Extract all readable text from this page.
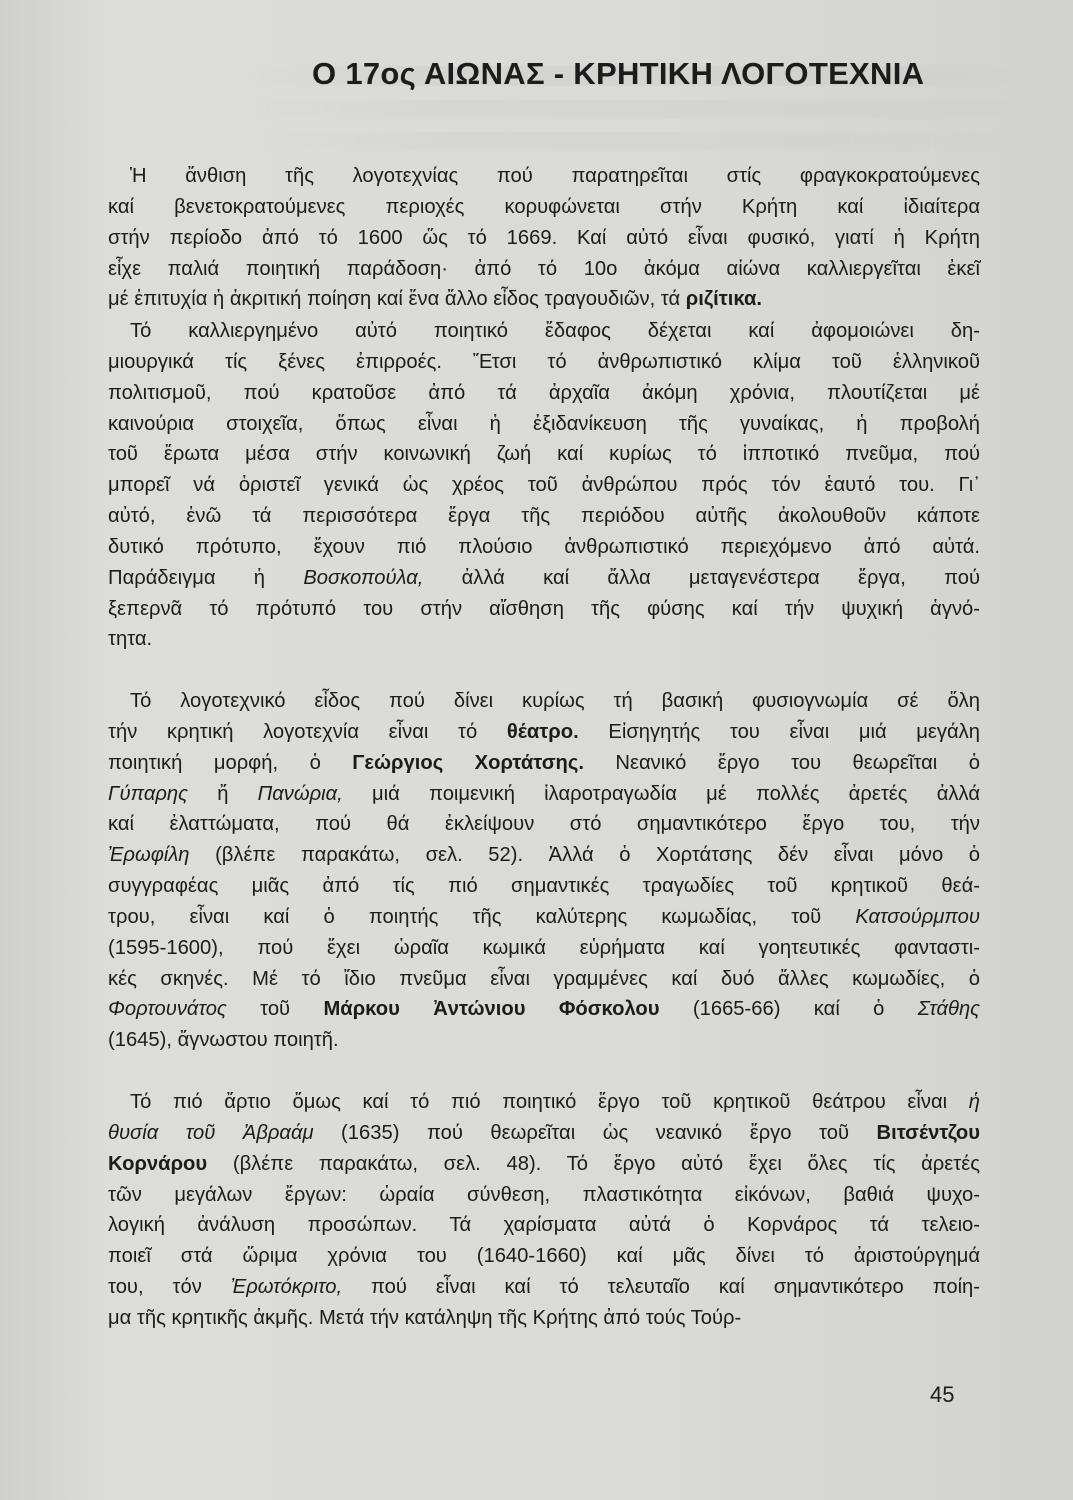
Ο 17ος ΑΙΩΝΑΣ - ΚΡΗΤΙΚΗ ΛΟΓΟΤΕΧΝΙΑ
Ἡ ἄνθιση τῆς λογοτεχνίας πού παρατηρεῖται στίς φραγκοκρατούμενες
καί βενετοκρατούμενες περιοχές κορυφώνεται στήν Κρήτη καί ἰδιαίτερα
στήν περίοδο ἀπό τό 1600 ὥς τό 1669. Καί αὐτό εἶναι φυσικό, γιατί ἡ Κρήτη
εἶχε παλιά ποιητική παράδοση· ἀπό τό 10ο ἀκόμα αἰώνα καλλιεργεῖται ἐκεῖ
μέ ἐπιτυχία ἡ ἀκριτική ποίηση καί ἕνα ἄλλο εἶδος τραγουδιῶν, τά ριζίτικα.
Τό καλλιεργημένο αὐτό ποιητικό ἔδαφος δέχεται καί ἀφομοιώνει δη-
μιουργικά τίς ξένες ἐπιρροές. Ἔτσι τό ἀνθρωπιστικό κλίμα τοῦ ἑλληνικοῦ
πολιτισμοῦ, πού κρατοῦσε ἀπό τά ἀρχαῖα ἀκόμη χρόνια, πλουτίζεται μέ
καινούρια στοιχεῖα, ὅπως εἶναι ἡ ἐξιδανίκευση τῆς γυναίκας, ἡ προβολή
τοῦ ἔρωτα μέσα στήν κοινωνική ζωή καί κυρίως τό ἱπποτικό πνεῦμα, πού
μπορεῖ νά ὁριστεῖ γενικά ὡς χρέος τοῦ ἀνθρώπου πρός τόν ἑαυτό του. Γι᾽
αὐτό, ἐνῶ τά περισσότερα ἔργα τῆς περιόδου αὐτῆς ἀκολουθοῦν κάποτε
δυτικό πρότυπο, ἔχουν πιό πλούσιο ἀνθρωπιστικό περιεχόμενο ἀπό αὐτά.
Παράδειγμα ἡ Βοσκοπούλα, ἀλλά καί ἄλλα μεταγενέστερα ἔργα, πού
ξεπερνᾶ τό πρότυπό του στήν αἴσθηση τῆς φύσης καί τήν ψυχική ἁγνό-
τητα.
Τό λογοτεχνικό εἶδος πού δίνει κυρίως τή βασική φυσιογνωμία σέ ὅλη
τήν κρητική λογοτεχνία εἶναι τό θέατρο. Εἰσηγητής του εἶναι μιά μεγάλη
ποιητική μορφή, ὁ Γεώργιος Χορτάτσης. Νεανικό ἔργο του θεωρεῖται ὁ
Γύπαρης ἤ Πανώρια, μιά ποιμενική ἱλαροτραγωδία μέ πολλές ἀρετές ἀλλά
καί ἐλαττώματα, πού θά ἐκλείψουν στό σημαντικότερο ἔργο του, τήν
Ἐρωφίλη (βλέπε παρακάτω, σελ. 52). Ἀλλά ὁ Χορτάτσης δέν εἶναι μόνο ὁ
συγγραφέας μιᾶς ἀπό τίς πιό σημαντικές τραγωδίες τοῦ κρητικοῦ θεά-
τρου, εἶναι καί ὁ ποιητής τῆς καλύτερης κωμωδίας, τοῦ Κατσούρμπου
(1595-1600), πού ἔχει ὡραῖα κωμικά εὑρήματα καί γοητευτικές φανταστι-
κές σκηνές. Μέ τό ἴδιο πνεῦμα εἶναι γραμμένες καί δυό ἄλλες κωμωδίες, ὁ
Φορτουνάτος τοῦ Μάρκου Ἀντώνιου Φόσκολου (1665-66) καί ὁ Στάθης
(1645), ἄγνωστου ποιητῆ.
Τό πιό ἄρτιο ὅμως καί τό πιό ποιητικό ἔργο τοῦ κρητικοῦ θεάτρου εἶναι ἡ
θυσία τοῦ Ἀβραάμ (1635) πού θεωρεῖται ὡς νεανικό ἔργο τοῦ Βιτσέντζου
Κορνάρου (βλέπε παρακάτω, σελ. 48). Τό ἔργο αὐτό ἔχει ὅλες τίς ἀρετές
τῶν μεγάλων ἔργων: ὡραία σύνθεση, πλαστικότητα εἰκόνων, βαθιά ψυχο-
λογική ἀνάλυση προσώπων. Τά χαρίσματα αὐτά ὁ Κορνάρος τά τελειο-
ποιεῖ στά ὥριμα χρόνια του (1640-1660) καί μᾶς δίνει τό ἀριστούργημά
του, τόν Ἐρωτόκριτο, πού εἶναι καί τό τελευταῖο καί σημαντικότερο ποίη-
μα τῆς κρητικῆς ἀκμῆς. Μετά τήν κατάληψη τῆς Κρήτης ἀπό τούς Τούρ-
45
